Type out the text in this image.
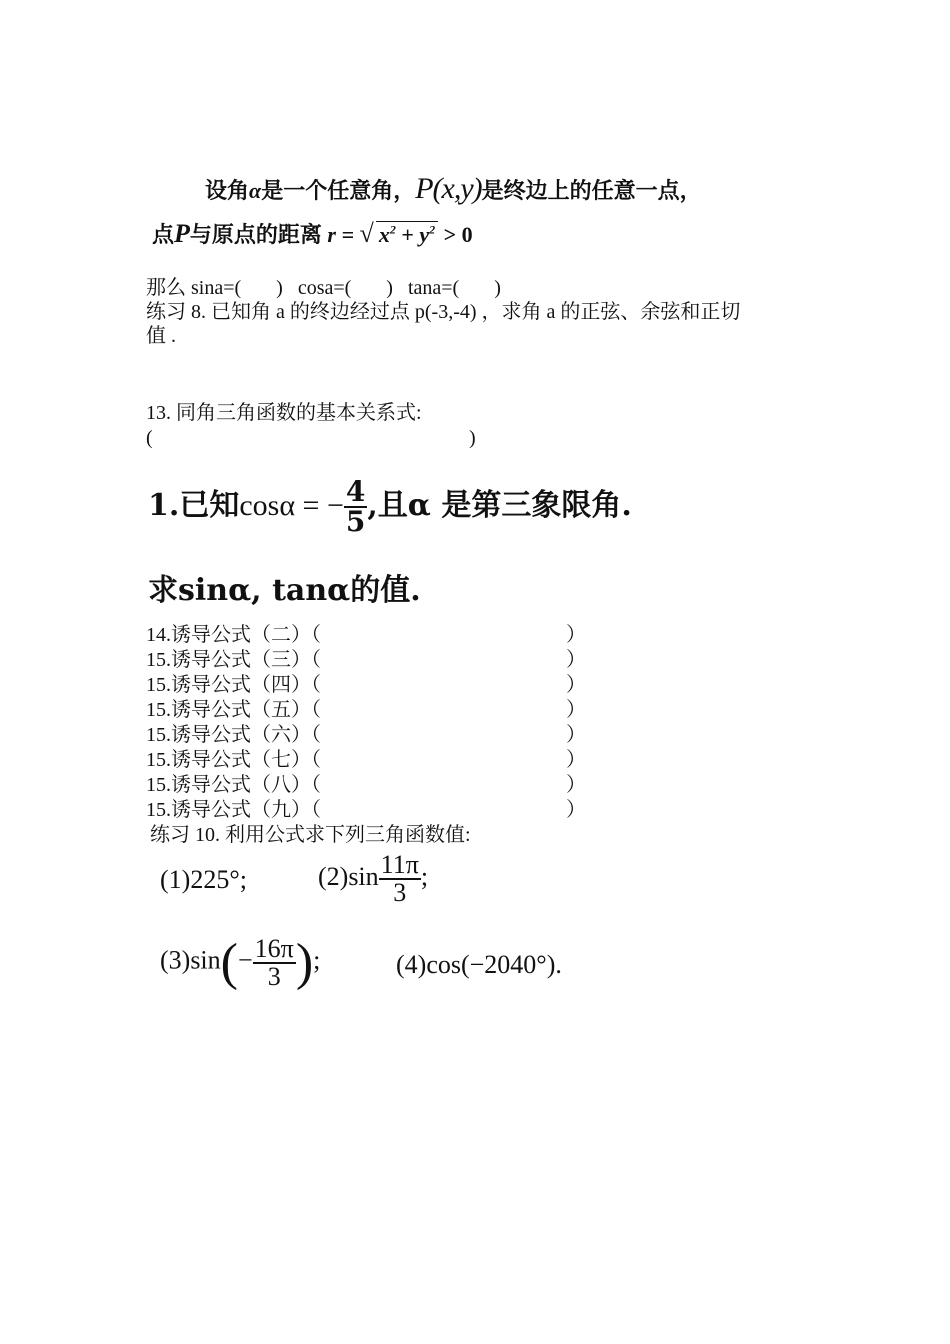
设角α是一个任意角，P(x,y)是终边上的任意一点，
点P与原点的距离 r = √ $x^2 + y^2 > 0$
那么 sina=(       )   cosa=(       )   tana=(       )
练习 8. 已知角 a 的终边经过点 p(-3,-4) ，求角 a 的正弦、余弦和正切
值 .
13. 同角三角函数的基本关系式:
(	)
1.已知cosα = − $\frac{4}{5}$ ,且α 是第三象限角.
求sinα, tanα的值.
14.诱导公式（二）（	）
15.诱导公式（三）（	）
15.诱导公式（四）（	）
15.诱导公式（五）（	）
15.诱导公式（六）（	）
15.诱导公式（七）（	）
15.诱导公式（八）（	）
15.诱导公式（九）（	）
练习 10. 利用公式求下列三角函数值:
(1)225°;	$(2)\sin \frac{11\pi}{3}$ ;
$(3)\sin(- \frac{16\pi}{3}$ );	(4)cos(−2040°).
